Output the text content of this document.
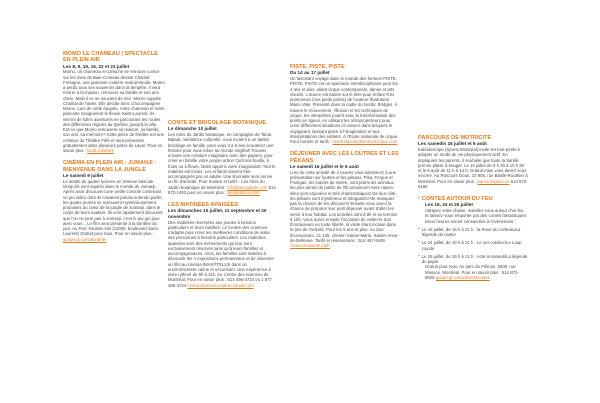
MOMO LE CHAMEAU | SPECTACLE EN PLEIN AIR

Les 8, 9, 15, 16, 22 et 23 juillet

Momo, un chameau en peluche se retrouve coincé sur les rives de Baie-Comeau devant Chantal Fortugno, une pancarte routière malcommode. Momo a perdu tous ses souvenirs dans la tempête. Il veut rentrer à la maison, retrouver sa famille et son ami chien. Mais il ne se souvient de rien. Momo suppliie Chantal de l'aider. Elle décide donc d'accompagner Momo. Lors de cette épopée, notre chameau et notre pancarte naviguèrent le fleuve Saint-Laurent. Ils vivront de folles aventures en parcourant les routes des différentes régions du Québec jusqu'à la ville. Est-ce que Momo retrouvera sa maison, sa famille, son ami, sa mémoire? Cette pièce de théâtre est une création du Théâtre Félé et sera présentée gratuitement dans plusieurs parcs de Laval. Pour en savoir plus : laval.ca/loisirs

CINÉMA EN PLEIN AIR : JUMANJI : BIENVENUE DANS LA JUNGLE

Le samedi 9 juillet

Le destin de quatre lycéens en retenue bascule lorsqu'ils sont aspirés dans le monde de Jumanji. Après avoir découvert une vieille console contenant un jeu vidéo dont ils n'avaient jamais entendu parler, les quatre jeunes se retrouvent mystérieusement propulsés au cœur de la jungle de Jumanji, dans le corps de leurs avatars. Ils vont rapidement découvrir que l'on ne joue pas à Jumanji, c'est le jeu qui joue avec vous... Le film sera présenté à la tombée du jour. Au Parc Nicolas-Viel (11000, boulevard Saint-Laurent) Gratuit pour tous. Pour en savoir plus : quope.qc.ca/calendrier

CONTE ET BRICOLAGE BOTANIQUE

Le dimanche 10 juillet

Les Amis du Jardin botanique, en compagnie de Tania Baladi, médiatrice culturelle, vous invitent à un atelier bricolage en famille, pour vous 3 à 8 ans écouterez une histoire pour vous initier au monde végétal! Trouvez ensuite une créature imaginaire avec des papiers, pour créer en famille votre propre arbre! Qu'il soit feuillu, à fruits ou à fleurs, faites appel à votre imagination! Tout le matériel est inclus. Les enfants doivent être accompagnés par un adulte. Une limonade sera servie en fin d'activité. Pour horaire et tarifs : Les Amis du Jardin botanique de Montréal : info@amisjardin.com 514 872-1493 pour en savoir plus : amisjardin.com/fr

LES MATINÉES APAISÉES

Les dimanches 10 juillet, 11 septembre et 20 novembre

Des matinées réservées aux jeunes à besoins particuliers et leurs familles. Le Centre des sciences s'adapte pour créer les meilleures conditions de visite des personnes à besoins particuliers. Les matinées apaisées sont des événements qui leur sont exclusivement réservés ainsi qu'à leurs familles et accompagnateurs. Ainsi, les familles sont invitées à découvrir les 4 expositions permanentes et de visionner un film au cinéma IMAX®TELUS dans un environnement calme et sécurisant. Une expérience à vivre rythmé de 9h à 11h. Au Centre des sciences de Montréal. Pour en savoir plus : 514 496-4724 ou 1 877 496-4724 centredessciencesdemontreal.com

PISTE, PISTE, PISTE

Du 14 au 17 juillet

Un fascinant voyage dans le monde des formes! PISTE, PISTE, PISTE est un spectacle interdisciplinaire pour les 4 ans et plus, allant cirque contemporain, danse et arts visuels. L'œuvre est basée sur le livre pour enfant Très pointonnes (nos petits points) de l'auteur/ illustrateur Mario Vale. Présenté dans la cadre du Nordic Bridges. À travers le mouvement, l'illusion et les techniques de cirque, les interprètes jouent avec la transformation des points en lignes, en utilisant les rétroprojecteurs pour créer différentes situations et univers dans lesquels le voyageant, laissant place à l'imagination et aux interprétations des enfants. À l'École nationale de cirque. Pour horaire et tarifs : montrealcomplètementcirque.com

DÉJEUNER AVEC LES LOUTRES ET LES PÉKANS

Le samedi 16 juillet et le 6 août

Lors de cette activité de 2 heures vous assisterez à une présentation sur loutres et les pékans. Pika, Fergus et Finnigan, les loutres de rivière, sont parmi les animaux les plus aimés du public de l'Écomuseum! Avec raison : elles sont enjouées et très charismatiques! De leur côté, les pékans sont mystérieux et intriguants! Ne manquez pas la chance de les découvrir! Ensuite vous aurez la chance de préparer leur petit déjeuner avant d'aller les servir à leur habitat. Les activités sont à 8h et se termine à 10h. Vous aurez ensuite l'occasion de visiter le Zoo Écomuseum en toute liberté, la visite étant incluse dans le prix de l'activité. Pour les 5 ans et plus. Au Zoo Écomuseum, 21 125, chemin Sainte-Marie, Sainte-Anne-de-Bellevue. Tarifs et réservations : 514 457-9449 zooecomuseum.ca/fr

PARCOURS DE MOTRICITÉ

Les samedis 16 juillet et 6 août

Kaléidoscope (Sports Montréal) invite les tout-petits à adopter un mode de vie physiquement actif. En impliquant les parents, il souhaite que toute la famille prenne plaisir à bouger. Le 16 juillet de 9 h 30 à 10 h 30 et le 6 août de 11 h à 14 h. Gratuit mais vous devez vous inscrire. Au Parcours Goun, 10 905, rue Basile-Routhier à Montréal. Pour en savoir plus : parcoursgoun.ca 514 872-6186

• CONTES AUTOUR DU FEU

Les 16, 24 et 25 juillet

Attrapez votre chaise, installez-vous autour d'un feu et laissez-vous emporter par des contes fantastiques! Deux heures seront consacrées à l'événement :

• Le 16 juillet, de 19 h à 21 h : la Roue du corbeau/La légende du castor

• Le 24 juillet, de 19 h à 21 h : Le 1er cotoliec/Le Loup coyote

• Le 25 juillet, de 19 h à 21 h : Acte la samedi/La légende du papin

Gratuit pour tous. Au parc du Pélican, 2500, rue Masson, Montréal. Pour en savoir plus : 514 872-6829 quope.qc.ca/activites/contes
